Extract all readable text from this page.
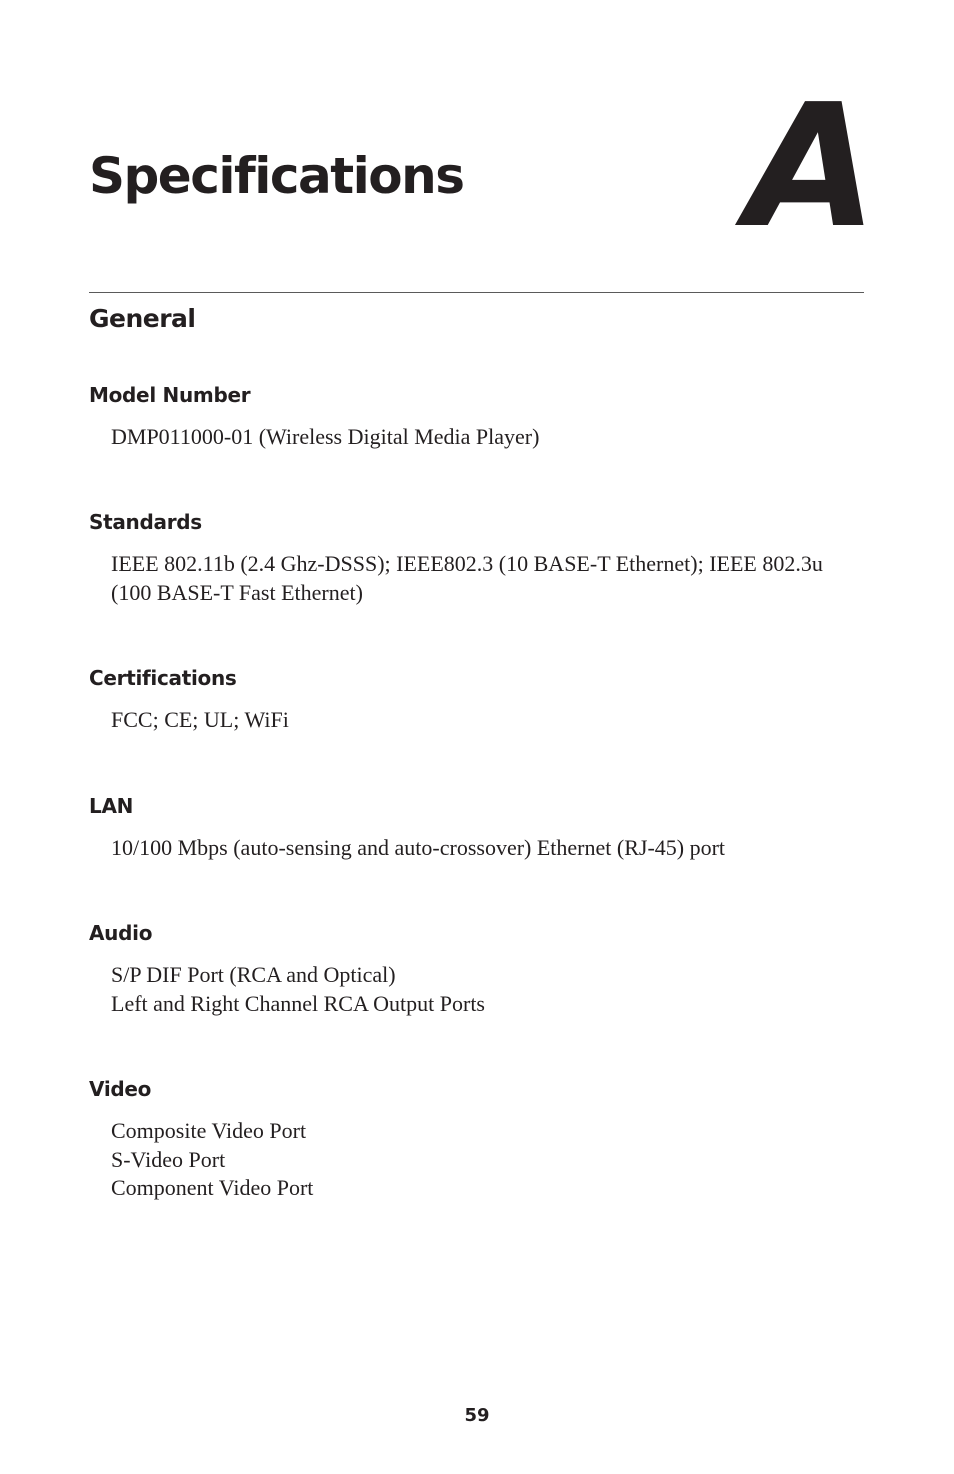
Specifications A
General
Model Number
DMP011000-01 (Wireless Digital Media Player)
Standards
IEEE 802.11b (2.4 Ghz-DSSS); IEEE802.3 (10 BASE-T Ethernet); IEEE 802.3u
(100 BASE-T Fast Ethernet)
Certifications
FCC; CE; UL; WiFi
LAN
10/100 Mbps (auto-sensing and auto-crossover) Ethernet (RJ-45) port
Audio
S/P DIF Port (RCA and Optical)
Left and Right Channel RCA Output Ports
Video
Composite Video Port
S-Video Port
Component Video Port
59
